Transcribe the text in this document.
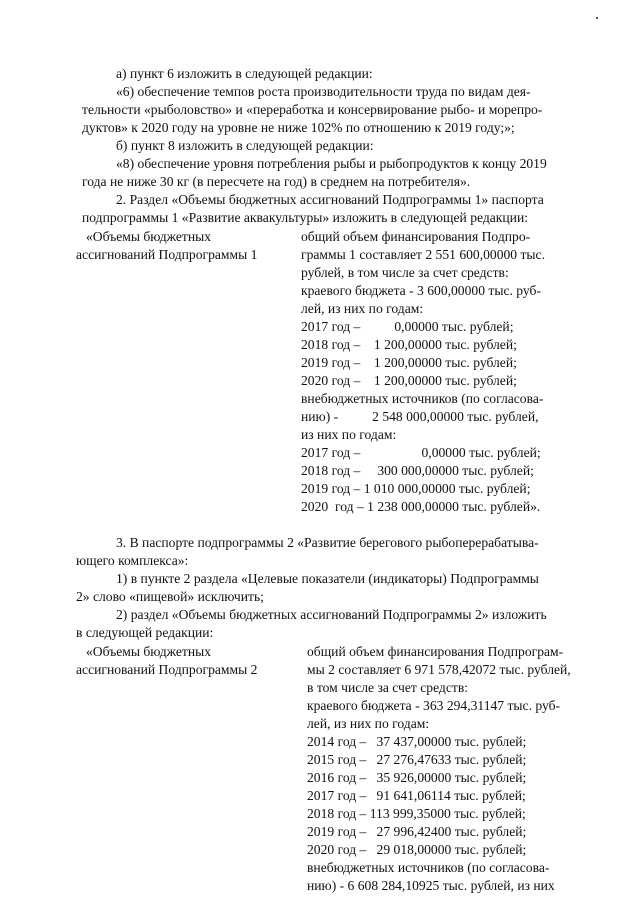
а) пункт 6 изложить в следующей редакции:
«6) обеспечение темпов роста производительности труда по видам дея-
тельности «рыболовство» и «переработка и консервирование рыбо- и морепро-
дуктов» к 2020 году на уровне не ниже 102% по отношению к 2019 году;»;
б) пункт 8 изложить в следующей редакции:
«8) обеспечение уровня потребления рыбы и рыбопродуктов к концу 2019
года не ниже 30 кг (в пересчете на год) в среднем на потребителя».
2. Раздел «Объемы бюджетных ассигнований Подпрограммы 1» паспорта
подпрограммы 1 «Развитие аквакультуры» изложить в следующей редакции:
«Объемы бюджетных
ассигнований Подпрограммы 1
общий объем финансирования Подпро-
граммы 1 составляет 2 551 600,00000 тыс.
рублей, в том числе за счет средств:
краевого бюджета - 3 600,00000 тыс. руб-
лей, из них по годам:
2017 год –          0,00000 тыс. рублей;
2018 год –    1 200,00000 тыс. рублей;
2019 год –    1 200,00000 тыс. рублей;
2020 год –    1 200,00000 тыс. рублей;
внебюджетных источников (по согласова-
нию) -          2 548 000,00000 тыс. рублей,
из них по годам:
2017 год –                  0,00000 тыс. рублей;
2018 год –     300 000,00000 тыс. рублей;
2019 год – 1 010 000,00000 тыс. рублей;
2020  год – 1 238 000,00000 тыс. рублей».
3. В паспорте подпрограммы 2 «Развитие берегового рыбоперерабатыва-
ющего комплекса»:
1) в пункте 2 раздела «Целевые показатели (индикаторы) Подпрограммы
2» слово «пищевой» исключить;
2) раздел «Объемы бюджетных ассигнований Подпрограммы 2» изложить
в следующей редакции:
«Объемы бюджетных
ассигнований Подпрограммы 2
общий объем финансирования Подпрограм-
мы 2 составляет 6 971 578,42072 тыс. рублей,
в том числе за счет средств:
краевого бюджета - 363 294,31147 тыс. руб-
лей, из них по годам:
2014 год –   37 437,00000 тыс. рублей;
2015 год –   27 276,47633 тыс. рублей;
2016 год –   35 926,00000 тыс. рублей;
2017 год –   91 641,06114 тыс. рублей;
2018 год – 113 999,35000 тыс. рублей;
2019 год –   27 996,42400 тыс. рублей;
2020 год –   29 018,00000 тыс. рублей;
внебюджетных источников (по согласова-
нию) - 6 608 284,10925 тыс. рублей, из них
